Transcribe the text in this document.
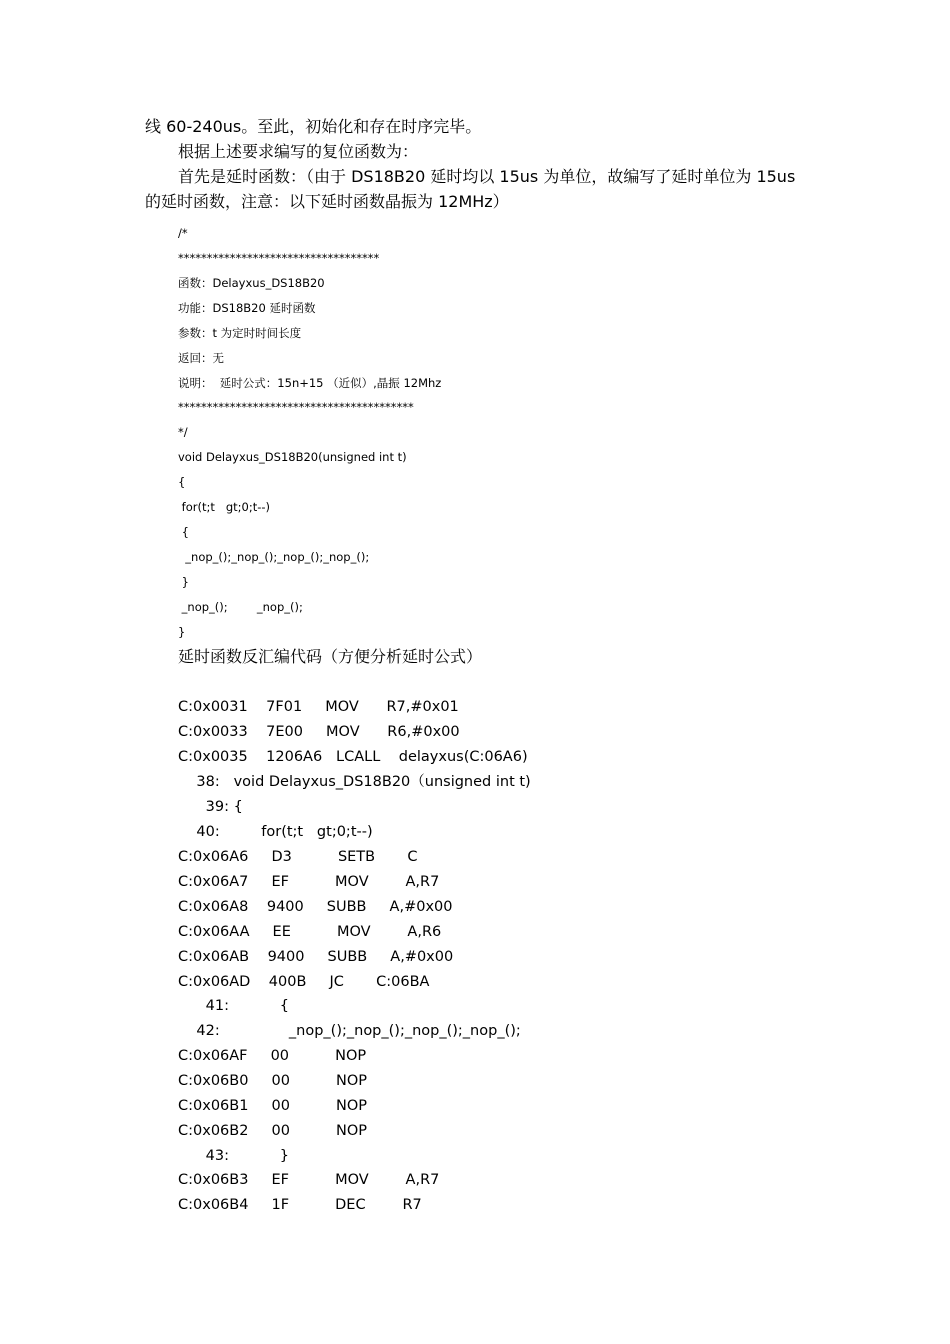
线 60-240us。至此，初始化和存在时序完毕。
根据上述要求编写的复位函数为：
首先是延时函数：（由于 DS18B20 延时均以 15us 为单位，故编写了延时单位为 15us
的延时函数，注意：以下延时函数晶振为 12MHz）
/*
***********************************
函数：Delayxus_DS18B20
功能：DS18B20 延时函数
参数：t 为定时时间长度
返回：无
说明：  延时公式：15n+15 （近似）,晶振 12Mhz
*****************************************
*/
void Delayxus_DS18B20(unsigned int t)
{
for(t;t   gt;0;t--)
{
_nop_();_nop_();_nop_();_nop_();
}
_nop_();        _nop_();
}
延时函数反汇编代码（方便分析延时公式）
C:0x0031    7F01     MOV      R7,#0x01
C:0x0033    7E00     MOV      R6,#0x00
C:0x0035    1206A6   LCALL    delayxus(C:06A6)
38:   void Delayxus_DS18B20（unsigned int t)
39: {
40:         for(t;t   gt;0;t--)
C:0x06A6     D3          SETB       C
C:0x06A7     EF          MOV        A,R7
C:0x06A8    9400     SUBB     A,#0x00
C:0x06AA     EE          MOV        A,R6
C:0x06AB    9400     SUBB     A,#0x00
C:0x06AD    400B     JC       C:06BA
41:           {
42:               _nop_();_nop_();_nop_();_nop_();
C:0x06AF     00          NOP
C:0x06B0     00          NOP
C:0x06B1     00          NOP
C:0x06B2     00          NOP
43:           }
C:0x06B3     EF          MOV        A,R7
C:0x06B4     1F          DEC        R7
